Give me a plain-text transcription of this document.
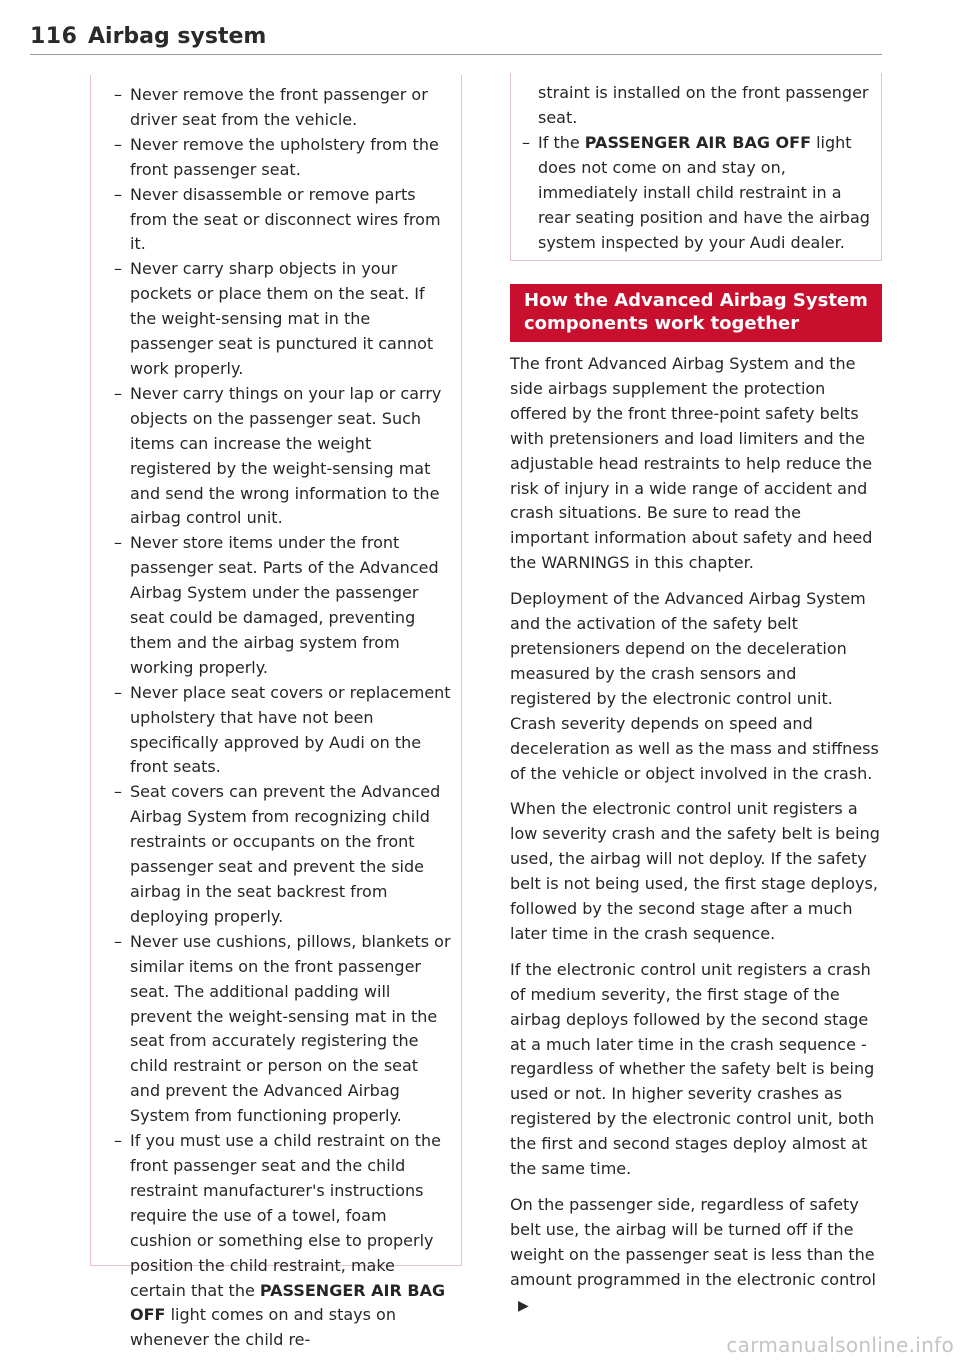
116 Airbag system
– Never remove the front passenger or driver seat from the vehicle.
– Never remove the upholstery from the front passenger seat.
– Never disassemble or remove parts from the seat or disconnect wires from it.
– Never carry sharp objects in your pockets or place them on the seat. If the weight-sensing mat in the passenger seat is punctured it cannot work properly.
– Never carry things on your lap or carry objects on the passenger seat. Such items can increase the weight registered by the weight-sensing mat and send the wrong information to the airbag control unit.
– Never store items under the front passenger seat. Parts of the Advanced Airbag System under the passenger seat could be damaged, preventing them and the airbag system from working properly.
– Never place seat covers or replacement upholstery that have not been specifically approved by Audi on the front seats.
– Seat covers can prevent the Advanced Airbag System from recognizing child restraints or occupants on the front passenger seat and prevent the side airbag in the seat backrest from deploying properly.
– Never use cushions, pillows, blankets or similar items on the front passenger seat. The additional padding will prevent the weight-sensing mat in the seat from accurately registering the child restraint or person on the seat and prevent the Advanced Airbag System from functioning properly.
– If you must use a child restraint on the front passenger seat and the child restraint manufacturer's instructions require the use of a towel, foam cushion or something else to properly position the child restraint, make certain that the PASSENGER AIR BAG OFF light comes on and stays on whenever the child re-
straint is installed on the front passenger seat.
– If the PASSENGER AIR BAG OFF light does not come on and stay on, immediately install child restraint in a rear seating position and have the airbag system inspected by your Audi dealer.
How the Advanced Airbag System components work together

The front Advanced Airbag System and the side airbags supplement the protection offered by the front three-point safety belts with pretensioners and load limiters and the adjustable head restraints to help reduce the risk of injury in a wide range of accident and crash situations. Be sure to read the important information about safety and heed the WARNINGS in this chapter.

Deployment of the Advanced Airbag System and the activation of the safety belt pretensioners depend on the deceleration measured by the crash sensors and registered by the electronic control unit. Crash severity depends on speed and deceleration as well as the mass and stiffness of the vehicle or object involved in the crash.

When the electronic control unit registers a low severity crash and the safety belt is being used, the airbag will not deploy. If the safety belt is not being used, the first stage deploys, followed by the second stage after a much later time in the crash sequence.

If the electronic control unit registers a crash of medium severity, the first stage of the airbag deploys followed by the second stage at a much later time in the crash sequence - regardless of whether the safety belt is being used or not. In higher severity crashes as registered by the electronic control unit, both the first and second stages deploy almost at the same time.

On the passenger side, regardless of safety belt use, the airbag will be turned off if the weight on the passenger seat is less than the amount programmed in the electronic control▶

carmanualsonline.info
